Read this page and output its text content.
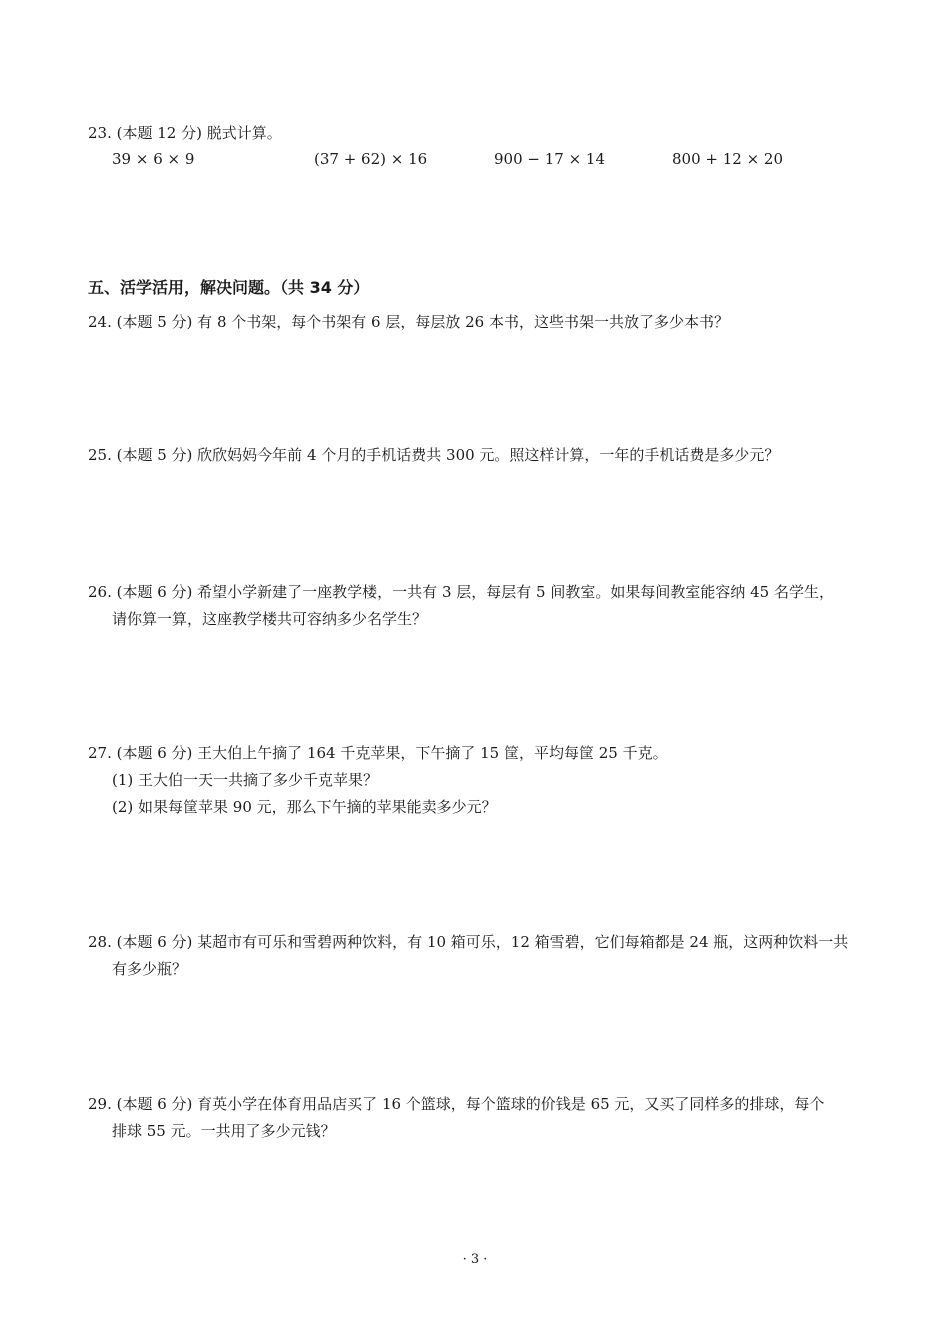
23. (本题 12 分) 脱式计算。
39 × 6 × 9	(37 + 62) × 16	900 − 17 × 14	800 + 12 × 20
五、活学活用，解决问题。（共 34 分）
24. (本题 5 分) 有 8 个书架，每个书架有 6 层，每层放 26 本书，这些书架一共放了多少本书？
25. (本题 5 分) 欣欣妈妈今年前 4 个月的手机话费共 300 元。照这样计算，一年的手机话费是多少元？
26. (本题 6 分) 希望小学新建了一座教学楼，一共有 3 层，每层有 5 间教室。如果每间教室能容纳 45 名学生，
请你算一算，这座教学楼共可容纳多少名学生？
27. (本题 6 分) 王大伯上午摘了 164 千克苹果，下午摘了 15 筐，平均每筐 25 千克。
(1) 王大伯一天一共摘了多少千克苹果？
(2) 如果每筐苹果 90 元，那么下午摘的苹果能卖多少元？
28. (本题 6 分) 某超市有可乐和雪碧两种饮料，有 10 箱可乐，12 箱雪碧，它们每箱都是 24 瓶，这两种饮料一共
有多少瓶？
29. (本题 6 分) 育英小学在体育用品店买了 16 个篮球，每个篮球的价钱是 65 元，又买了同样多的排球，每个
排球 55 元。一共用了多少元钱？
· 3 ·
